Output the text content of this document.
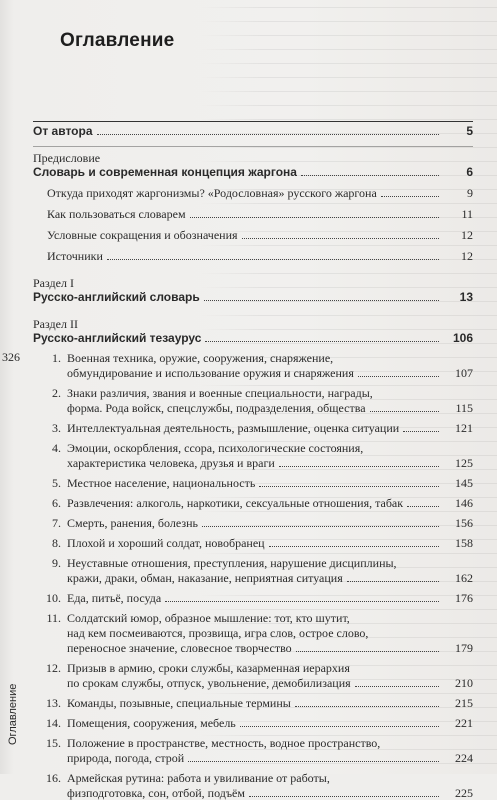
Оглавление
326
Оглавление
От автора	5
Предисловие
Словарь и современная концепция жаргона	6
Откуда приходят жаргонизмы? «Родословная» русского жаргона	9
Как пользоваться словарем	11
Условные сокращения и обозначения	12
Источники	12
Раздел I
Русско-английский словарь	13
Раздел II
Русско-английский тезаурус	106
1. Военная техника, оружие, сооружения, снаряжение,
обмундирование и использование оружия и снаряжения	107
2. Знаки различия, звания и военные специальности, награды,
форма. Рода войск, спецслужбы, подразделения, общества	115
3. Интеллектуальная деятельность, размышление, оценка ситуации	121
4. Эмоции, оскорбления, ссора, психологические состояния,
характеристика человека, друзья и враги	125
5. Местное население, национальность	145
6. Развлечения: алкоголь, наркотики, сексуальные отношения, табак	146
7. Смерть, ранения, болезнь	156
8. Плохой и хороший солдат, новобранец	158
9. Неуставные отношения, преступления, нарушение дисциплины,
кражи, драки, обман, наказание, неприятная ситуация	162
10. Еда, питьё, посуда	176
11. Солдатский юмор, образное мышление: тот, кто шутит,
над кем посмеиваются, прозвища, игра слов, острое слово,
переносное значение, словесное творчество	179
12. Призыв в армию, сроки службы, казарменная иерархия
по срокам службы, отпуск, увольнение, демобилизация	210
13. Команды, позывные, специальные термины	215
14. Помещения, сооружения, мебель	221
15. Положение в пространстве, местность, водное пространство,
природа, погода, строй	224
16. Армейская рутина: работа и увиливание от работы,
физподготовка, сон, отбой, подъём	225
